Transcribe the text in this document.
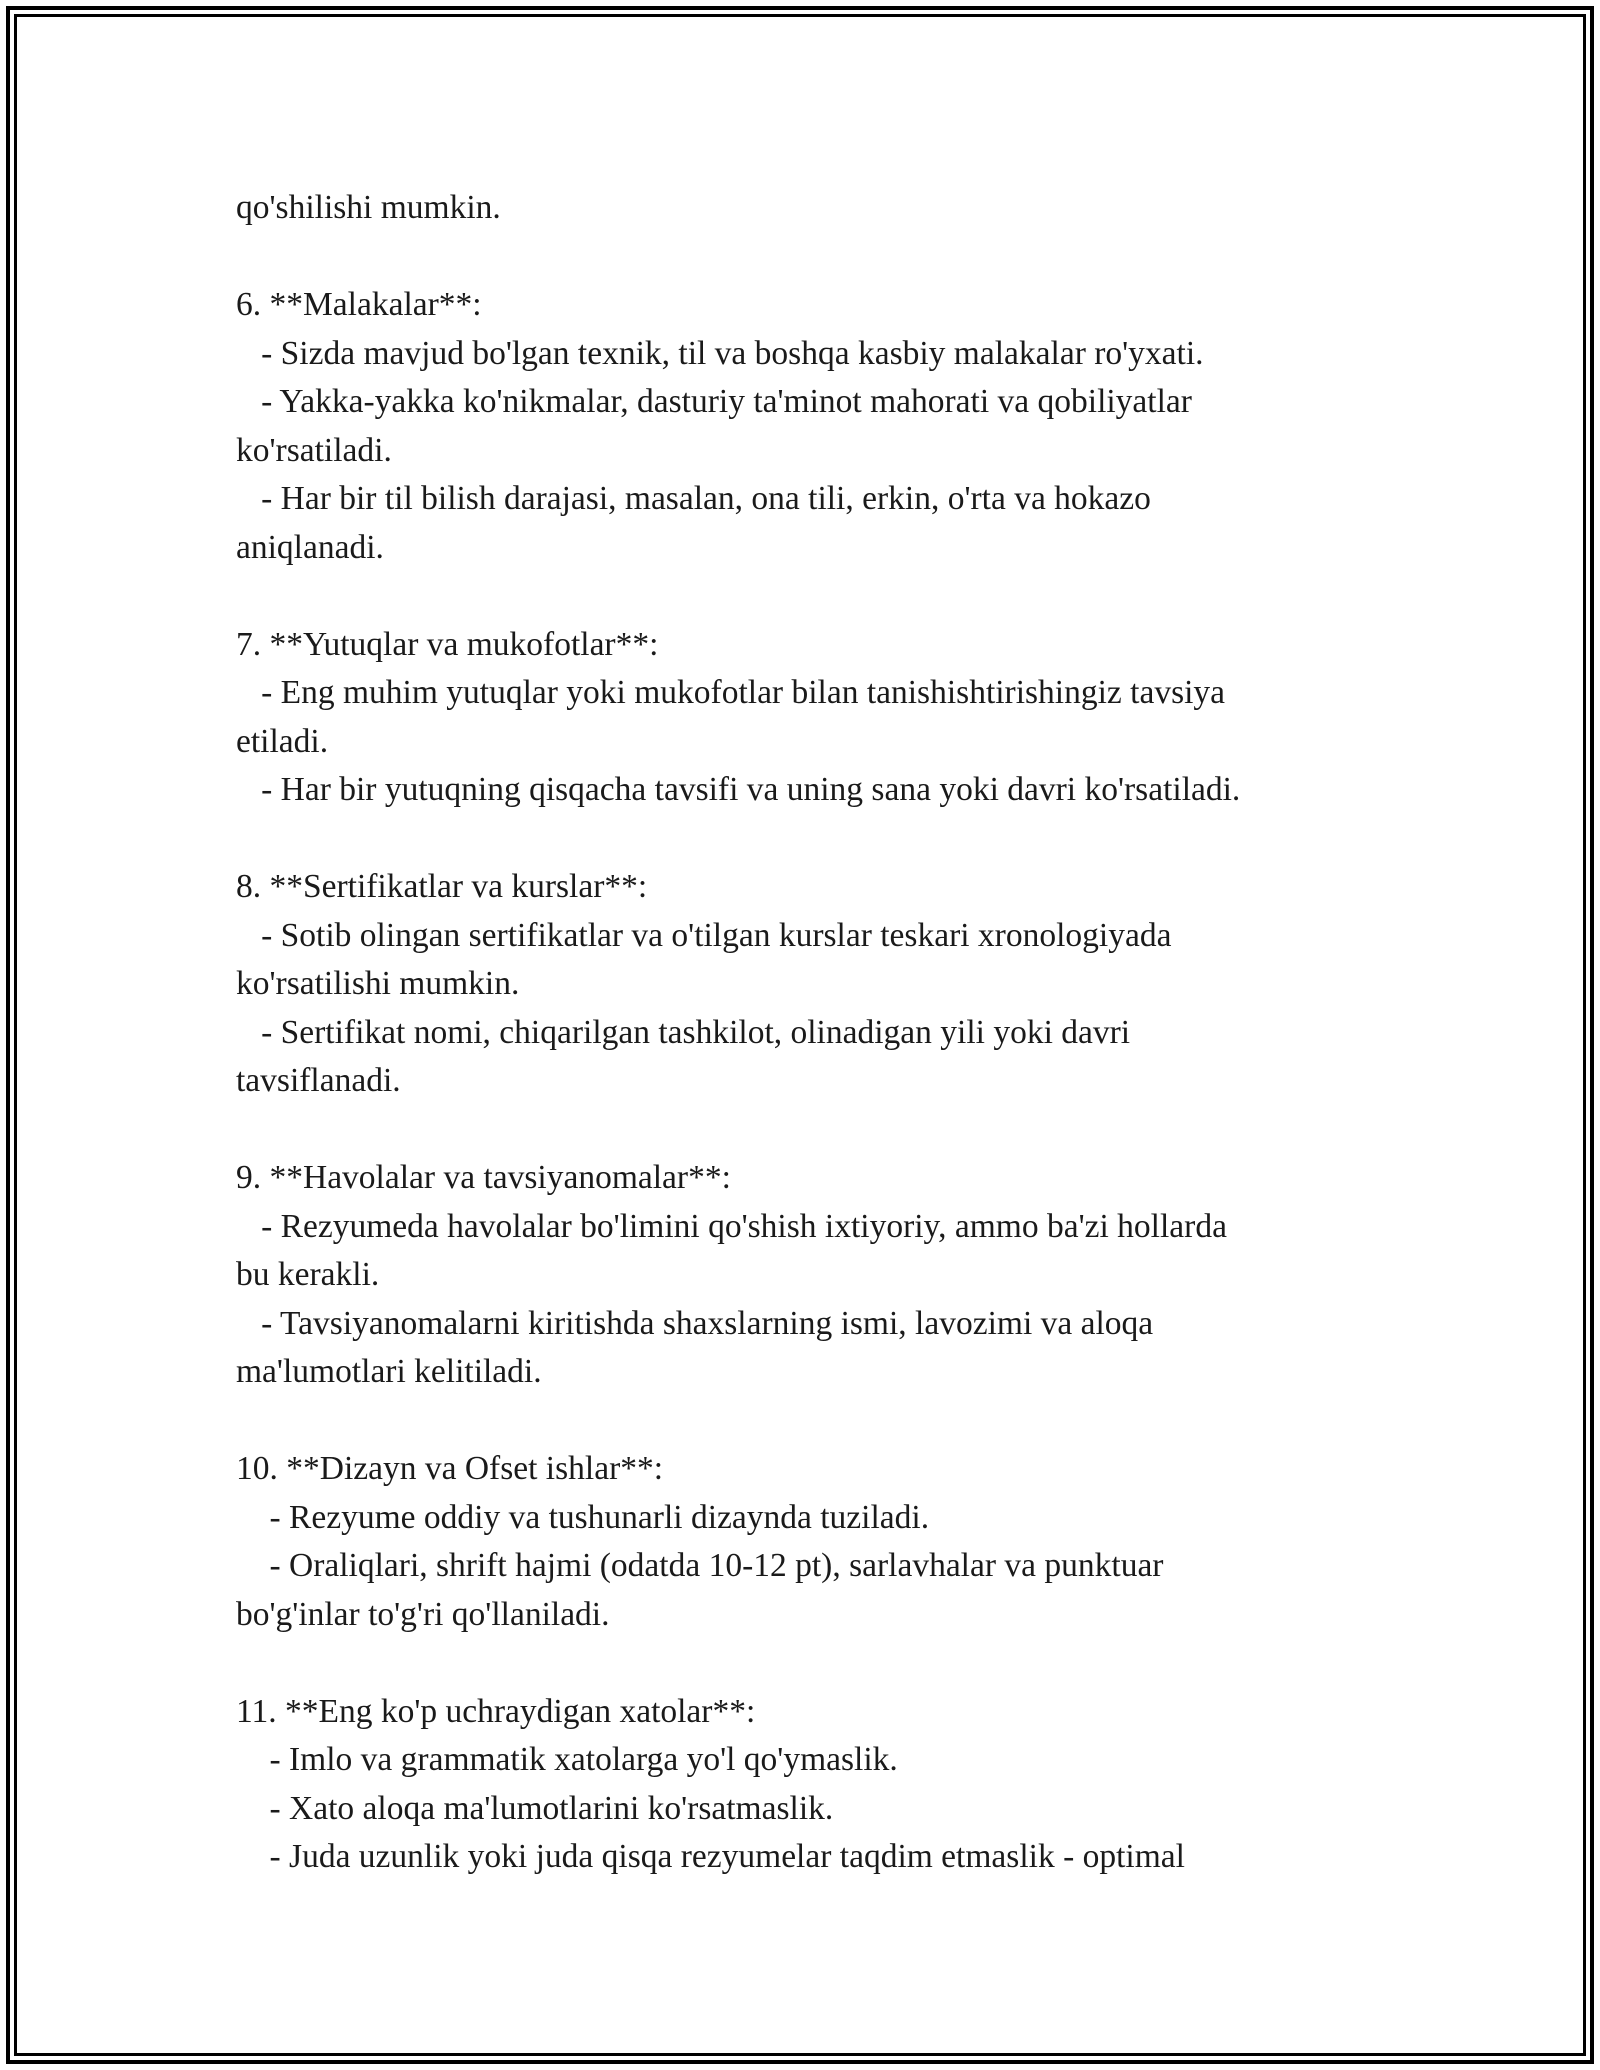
qo'shilishi mumkin.
6. **Malakalar**:
- Sizda mavjud bo'lgan texnik, til va boshqa kasbiy malakalar ro'yxati.
- Yakka-yakka ko'nikmalar, dasturiy ta'minot mahorati va qobiliyatlar
ko'rsatiladi.
- Har bir til bilish darajasi, masalan, ona tili, erkin, o'rta va hokazo
aniqlanadi.
7. **Yutuqlar va mukofotlar**:
- Eng muhim yutuqlar yoki mukofotlar bilan tanishishtirishingiz tavsiya
etiladi.
- Har bir yutuqning qisqacha tavsifi va uning sana yoki davri ko'rsatiladi.
8. **Sertifikatlar va kurslar**:
- Sotib olingan sertifikatlar va o'tilgan kurslar teskari xronologiyada
ko'rsatilishi mumkin.
- Sertifikat nomi, chiqarilgan tashkilot, olinadigan yili yoki davri
tavsiflanadi.
9. **Havolalar va tavsiyanomalar**:
- Rezyumeda havolalar bo'limini qo'shish ixtiyoriy, ammo ba'zi hollarda
bu kerakli.
- Tavsiyanomalarni kiritishda shaxslarning ismi, lavozimi va aloqa
ma'lumotlari kelitiladi.
10. **Dizayn va Ofset ishlar**:
- Rezyume oddiy va tushunarli dizaynda tuziladi.
- Oraliqlari, shrift hajmi (odatda 10-12 pt), sarlavhalar va punktuar
bo'g'inlar to'g'ri qo'llaniladi.
11. **Eng ko'p uchraydigan xatolar**:
- Imlo va grammatik xatolarga yo'l qo'ymaslik.
- Xato aloqa ma'lumotlarini ko'rsatmaslik.
- Juda uzunlik yoki juda qisqa rezyumelar taqdim etmaslik - optimal
